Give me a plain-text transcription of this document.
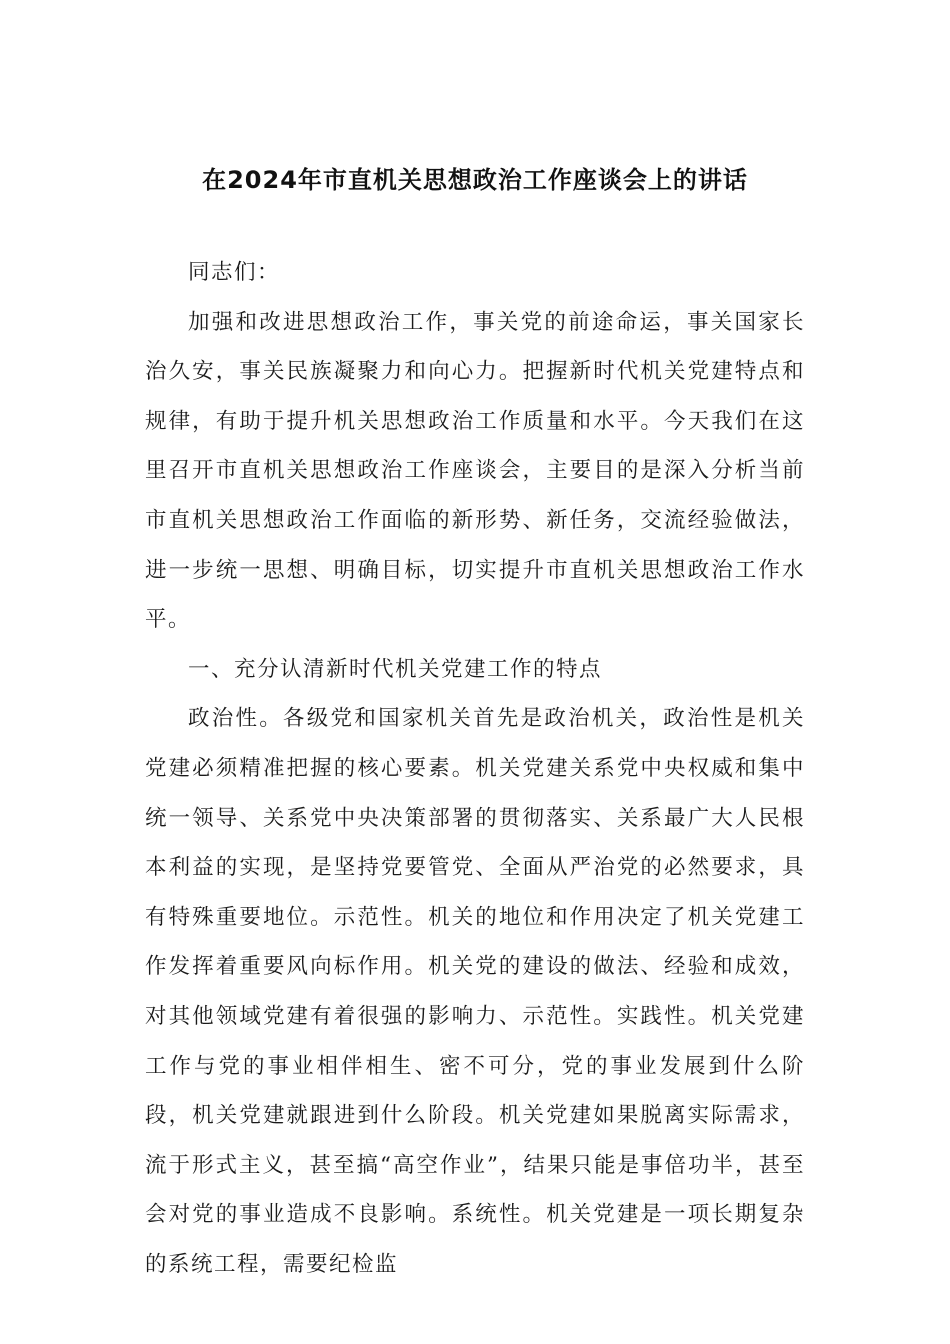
在2024年市直机关思想政治工作座谈会上的讲话

同志们：

加强和改进思想政治工作，事关党的前途命运，事关国家长治久安，事关民族凝聚力和向心力。把握新时代机关党建特点和规律，有助于提升机关思想政治工作质量和水平。今天我们在这里召开市直机关思想政治工作座谈会，主要目的是深入分析当前市直机关思想政治工作面临的新形势、新任务，交流经验做法，进一步统一思想、明确目标，切实提升市直机关思想政治工作水平。

一、充分认清新时代机关党建工作的特点

政治性。各级党和国家机关首先是政治机关，政治性是机关党建必须精准把握的核心要素。机关党建关系党中央权威和集中统一领导、关系党中央决策部署的贯彻落实、关系最广大人民根本利益的实现，是坚持党要管党、全面从严治党的必然要求，具有特殊重要地位。示范性。机关的地位和作用决定了机关党建工作发挥着重要风向标作用。机关党的建设的做法、经验和成效，对其他领域党建有着很强的影响力、示范性。实践性。机关党建工作与党的事业相伴相生、密不可分，党的事业发展到什么阶段，机关党建就跟进到什么阶段。机关党建如果脱离实际需求，流于形式主义，甚至搞“高空作业”，结果只能是事倍功半，甚至会对党的事业造成不良影响。系统性。机关党建是一项长期复杂的系统工程，需要纪检监
